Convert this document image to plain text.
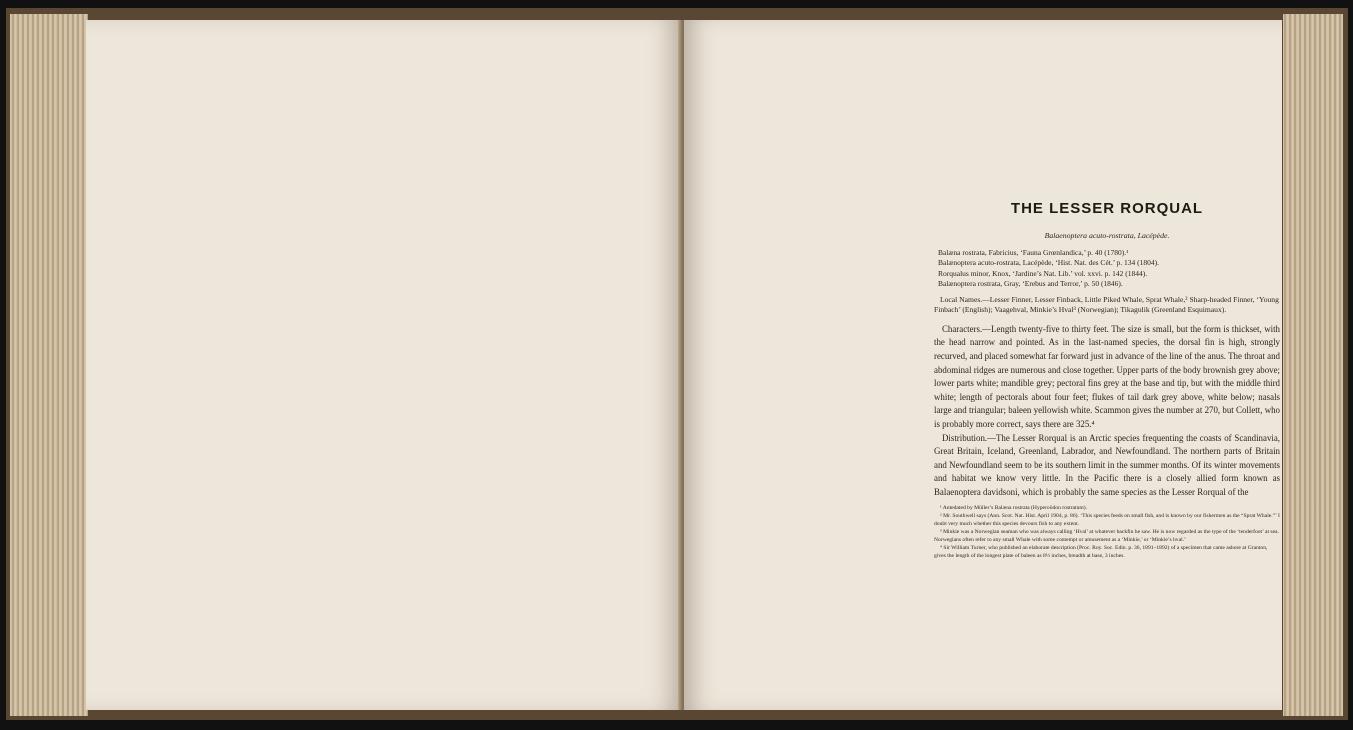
THE LESSER RORQUAL
Balaenoptera acuto-rostrata, Lacépède.
Balæna rostrata, Fabricius, ‘Fauna Grœnlandica,’ p. 40 (1780).¹
Balænoptera acuto-rostrata, Lacépède, ‘Hist. Nat. des Cét.’ p. 134 (1804).
Rorqualus minor, Knox, ‘Jardine’s Nat. Lib.’ vol. xxvi. p. 142 (1844).
Balænoptera rostrata, Gray, ‘Erebus and Terror,’ p. 50 (1846).
Local Names.—Lesser Finner, Lesser Finback, Little Piked Whale, Sprat Whale,² Sharp-headed Finner, ‘Young Finbach’ (English); Vaagehval, Minkie’s Hval³ (Norwegian); Tikagulik (Greenland Esquimaux).

Characters.—Length twenty-five to thirty feet. The size is small, but the form is thickset, with the head narrow and pointed. As in the last-named species, the dorsal fin is high, strongly recurved, and placed somewhat far forward just in advance of the line of the anus. The throat and abdominal ridges are numerous and close together. Upper parts of the body brownish grey above; lower parts white; mandible grey; pectoral fins grey at the base and tip, but with the middle third white; length of pectorals about four feet; flukes of tail dark grey above, white below; nasals large and triangular; baleen yellowish white. Scammon gives the number at 270, but Collett, who is probably more correct, says there are 325.⁴

Distribution.—The Lesser Rorqual is an Arctic species frequenting the coasts of Scandinavia, Great Britain, Iceland, Greenland, Labrador, and Newfoundland. The northern parts of Britain and Newfoundland seem to be its southern limit in the summer months. Of its winter movements and habitat we know very little. In the Pacific there is a closely allied form known as Balaenoptera davidsoni, which is probably the same species as the Lesser Rorqual of the

¹ Antedated by Müller’s Balæna rostrata (Hyperoödon rostratum).
² Mr. Southwell says (Ann. Scot. Nat. Hist. April 1904, p. 86). ‘This species feeds on small fish, and is known by our fishermen as the “Sprat Whale.”’ I doubt very much whether this species devours fish to any extent.
³ Minkie was a Norwegian seaman who was always calling ‘Hval’ at whatever backfin he saw. He is now regarded as the type of the ‘tenderfoot’ at sea. Norwegians often refer to any small Whale with some contempt or amusement as a ‘Minkie,’ or ‘Minkie’s hval.’
⁴ Sir William Turner, who published an elaborate description (Proc. Roy. Soc. Edin. p. 36, 1891–1892) of a specimen that came ashore at Granton, gives the length of the longest plate of baleen as 8½ inches, breadth at base, 3 inches.
